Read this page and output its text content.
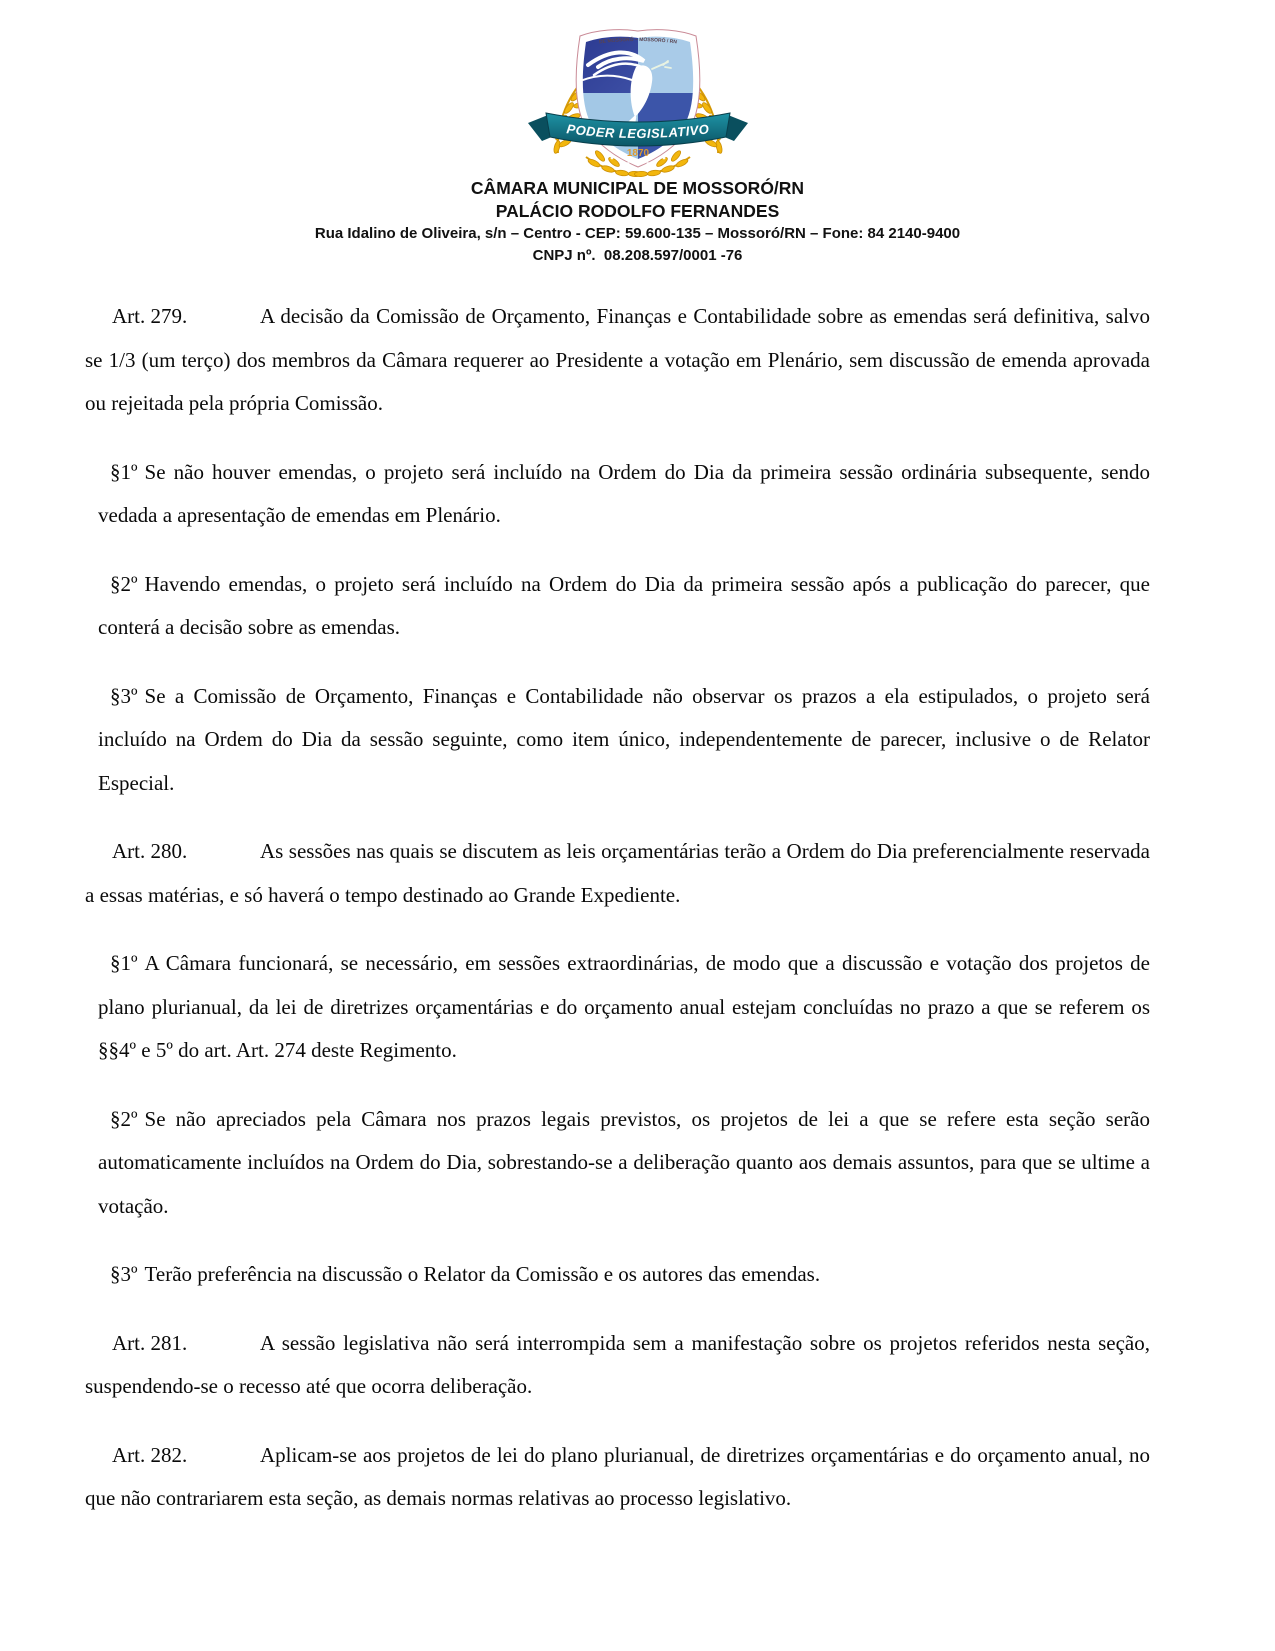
DE MOSSORÓ – MOSSORÓ / RN
PODER LEGISLATIVO
1870
CÂMARA MUNICIPAL DE MOSSORÓ/RN
PALÁCIO RODOLFO FERNANDES
Rua Idalino de Oliveira, s/n – Centro - CEP: 59.600-135 – Mossoró/RN – Fone: 84 2140-9400
CNPJ nº.  08.208.597/0001 -76

Art. 279.	A decisão da Comissão de Orçamento, Finanças e Contabilidade sobre as emendas será definitiva, salvo se 1/3 (um terço) dos membros da Câmara requerer ao Presidente a votação em Plenário, sem discussão de emenda aprovada ou rejeitada pela própria Comissão.

§1º Se não houver emendas, o projeto será incluído na Ordem do Dia da primeira sessão ordinária subsequente, sendo vedada a apresentação de emendas em Plenário.

§2º Havendo emendas, o projeto será incluído na Ordem do Dia da primeira sessão após a publicação do parecer, que conterá a decisão sobre as emendas.

§3º Se a Comissão de Orçamento, Finanças e Contabilidade não observar os prazos a ela estipulados, o projeto será incluído na Ordem do Dia da sessão seguinte, como item único, independentemente de parecer, inclusive o de Relator Especial.

Art. 280.	As sessões nas quais se discutem as leis orçamentárias terão a Ordem do Dia preferencialmente reservada a essas matérias, e só haverá o tempo destinado ao Grande Expediente.

§1º A Câmara funcionará, se necessário, em sessões extraordinárias, de modo que a discussão e votação dos projetos de plano plurianual, da lei de diretrizes orçamentárias e do orçamento anual estejam concluídas no prazo a que se referem os §§4º e 5º do art. Art. 274 deste Regimento.

§2º Se não apreciados pela Câmara nos prazos legais previstos, os projetos de lei a que se refere esta seção serão automaticamente incluídos na Ordem do Dia, sobrestando-se a deliberação quanto aos demais assuntos, para que se ultime a votação.

§3º Terão preferência na discussão o Relator da Comissão e os autores das emendas.

Art. 281.	A sessão legislativa não será interrompida sem a manifestação sobre os projetos referidos nesta seção, suspendendo-se o recesso até que ocorra deliberação.

Art. 282.	Aplicam-se aos projetos de lei do plano plurianual, de diretrizes orçamentárias e do orçamento anual, no que não contrariarem esta seção, as demais normas relativas ao processo legislativo.
